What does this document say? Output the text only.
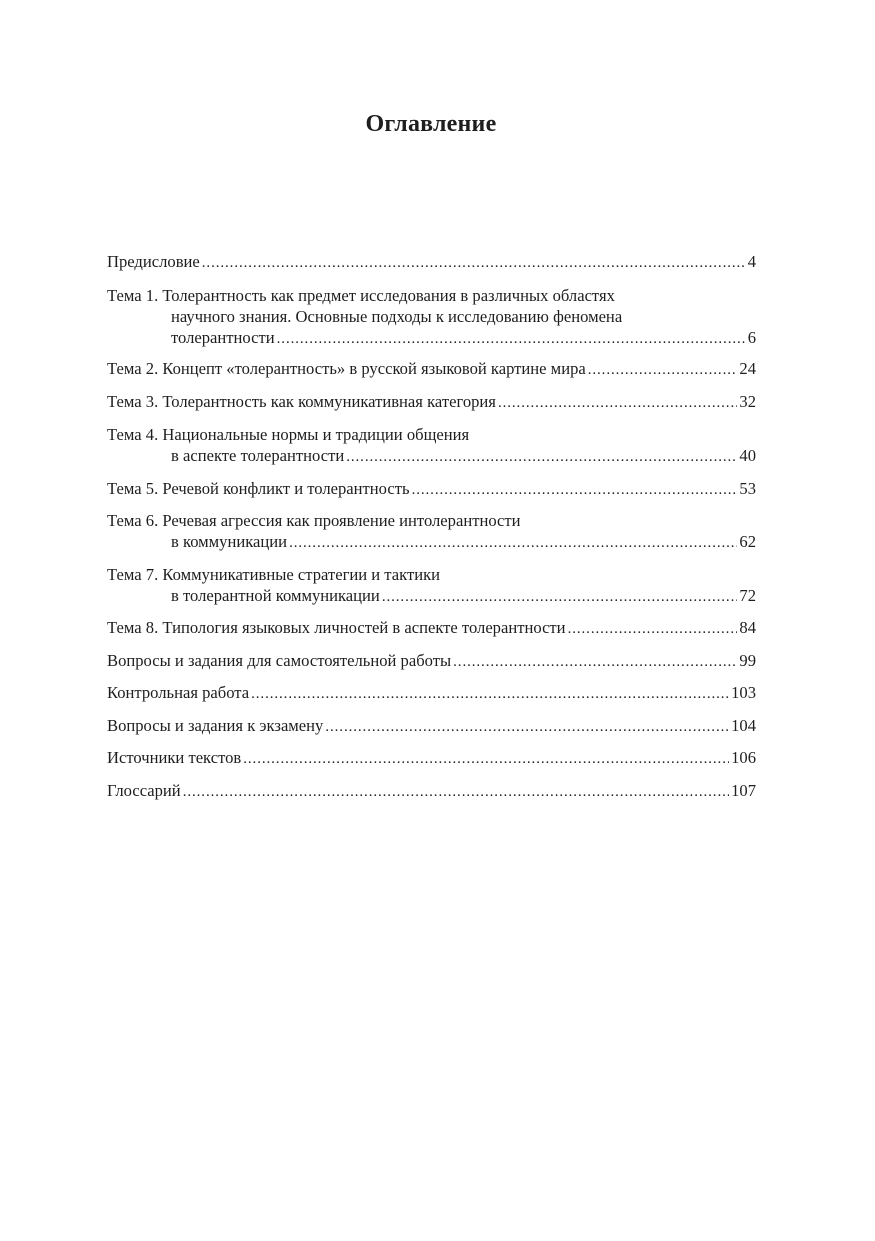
Оглавление
Предисловие .....	4
Тема 1. Толерантность как предмет исследования в различных областях
научного знания. Основные подходы к исследованию феномена
толерантности .....	6
Тема 2. Концепт «толерантность» в русской языковой картине мира .....	24
Тема 3. Толерантность как коммуникативная категория .....	32
Тема 4. Национальные нормы и традиции общения
в аспекте толерантности .....	40
Тема 5. Речевой конфликт и толерантность .....	53
Тема 6. Речевая агрессия как проявление интолерантности
в коммуникации .....	62
Тема 7. Коммуникативные стратегии и тактики
в толерантной коммуникации .....	72
Тема 8. Типология языковых личностей в аспекте толерантности .....	84
Вопросы и задания для самостоятельной работы .....	99
Контрольная работа .....	103
Вопросы и задания к экзамену .....	104
Источники текстов .....	106
Глоссарий .....	107
